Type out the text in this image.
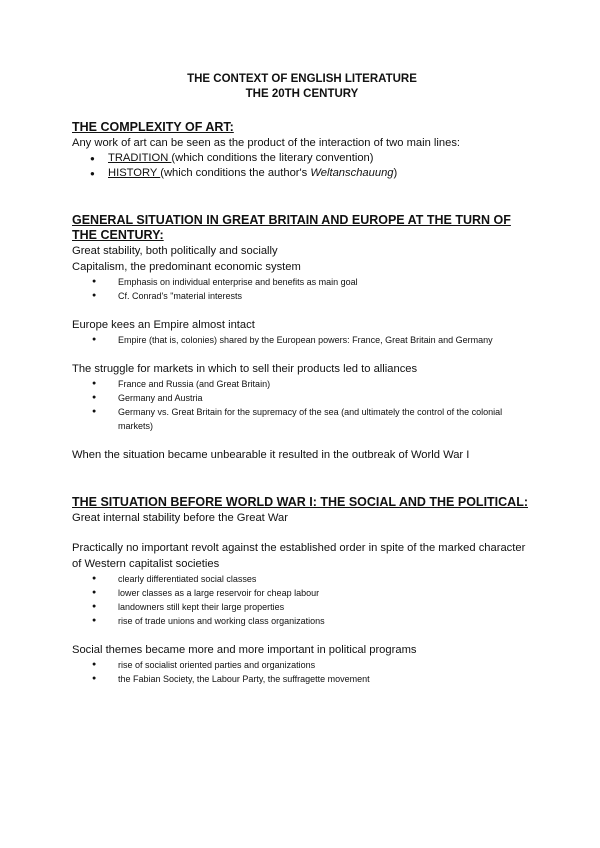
THE CONTEXT OF ENGLISH LITERATURE

THE 20TH CENTURY

THE COMPLEXITY OF ART:

Any work of art can be seen as the product of the interaction of two main lines:

● TRADITION (which conditions the literary convention)
● HISTORY (which conditions the author's Weltanschauung)
GENERAL SITUATION IN GREAT BRITAIN AND EUROPE AT THE TURN OF THE CENTURY:

Great stability, both politically and socially

Capitalism, the predominant economic system

● Emphasis on individual enterprise and benefits as main goal
● Cf. Conrad's "material interests

Europe kees an Empire almost intact

● Empire (that is, colonies) shared by the European powers: France, Great Britain and Germany

The struggle for markets in which to sell their products led to alliances

● France and Russia (and Great Britain)
● Germany and Austria
● Germany vs. Great Britain for the supremacy of the sea (and ultimately the control of the colonial markets)

When the situation became unbearable it resulted in the outbreak of World War I

THE SITUATION BEFORE WORLD WAR I: THE SOCIAL AND THE POLITICAL:

Great internal stability before the Great War

Practically no important revolt against the established order in spite of the marked character of Western capitalist societies

● clearly differentiated social classes
● lower classes as a large reservoir for cheap labour
● landowners still kept their large properties
● rise of trade unions and working class organizations

Social themes became more and more important in political programs

● rise of socialist oriented parties and organizations
● the Fabian Society, the Labour Party, the suffragette movement
